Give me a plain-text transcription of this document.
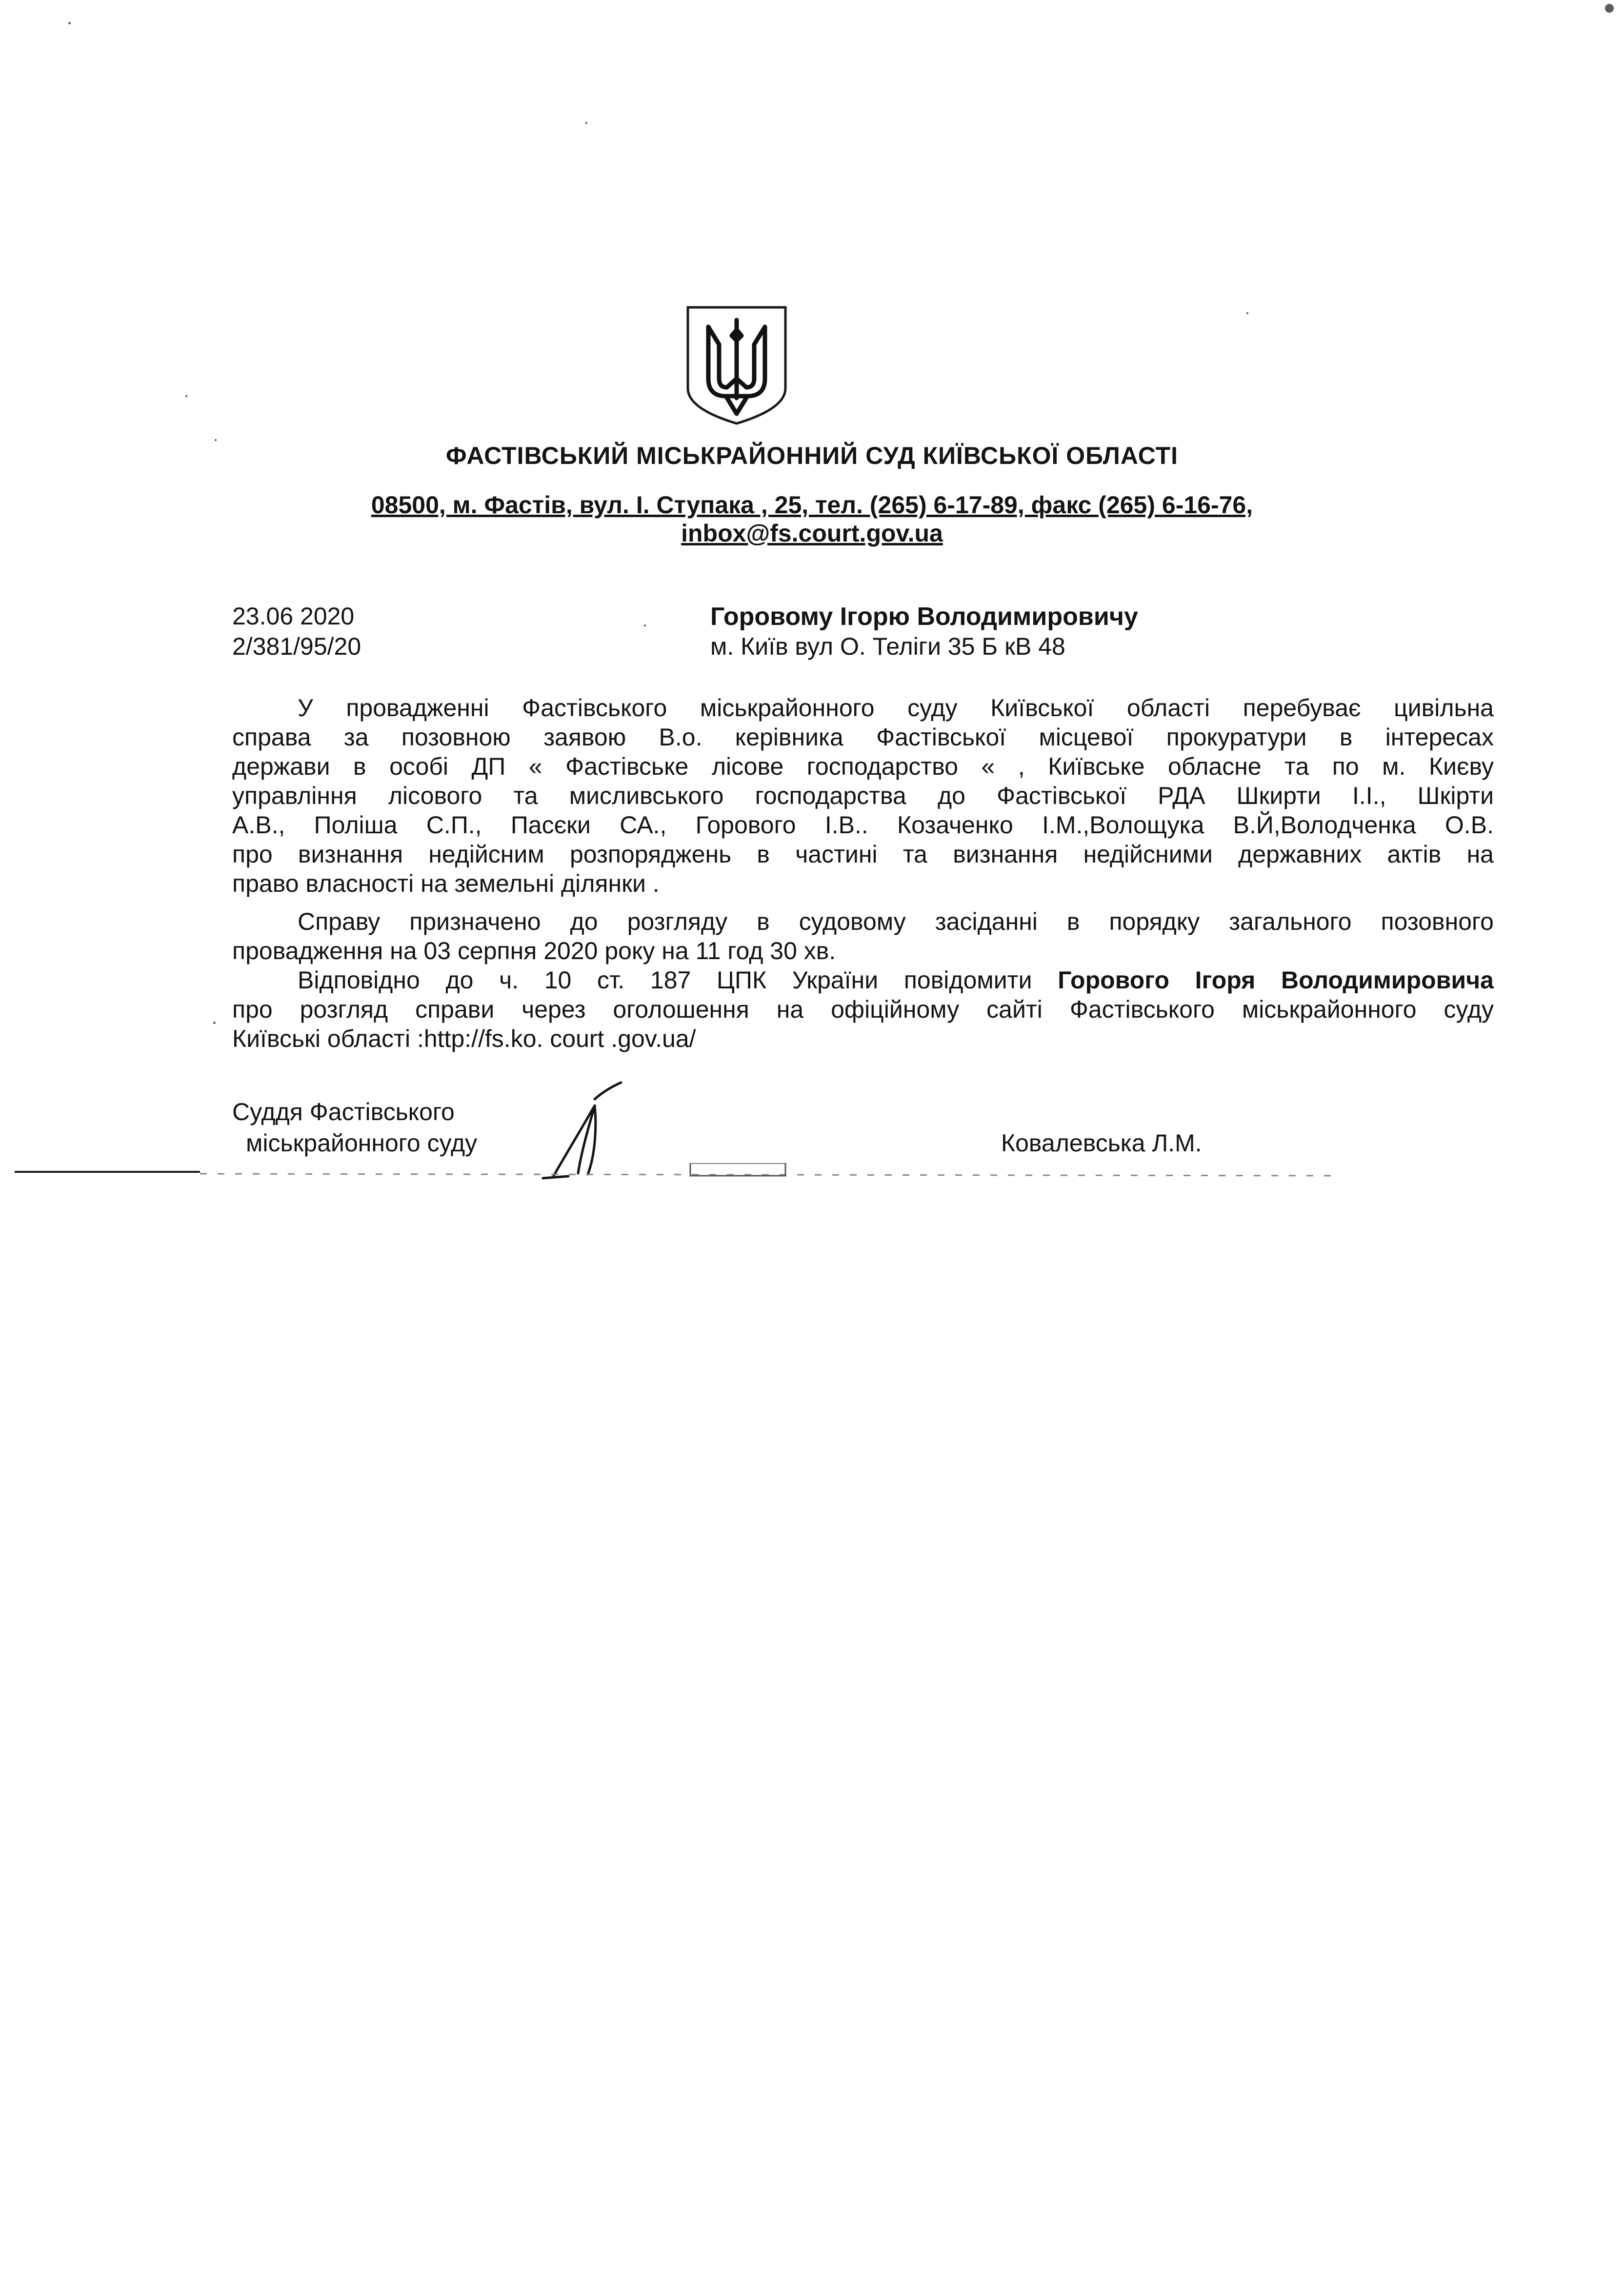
ФАСТІВСЬКИЙ МІСЬКРАЙОННИЙ СУД КИЇВСЬКОЇ ОБЛАСТІ
08500, м. Фастів, вул. І. Ступака , 25, тел. (265) 6-17-89, факс (265) 6-16-76,
inbox@fs.court.gov.ua
23.06 2020
2/381/95/20
Горовому Ігорю Володимировичу
м. Київ вул О. Теліги 35 Б кВ 48
У провадженні Фастівського міськрайонного суду Київської області перебуває цивільна
справа за позовною заявою В.о. керівника Фастівської місцевої прокуратури в інтересах
держави в особі ДП « Фастівське лісове господарство « , Київське обласне та по м. Києву
управління лісового та мисливського господарства до Фастівської РДА Шкирти І.І., Шкірти
А.В., Поліша С.П., Пасєки СА., Горового І.В.. Козаченко І.М.,Волощука В.Й,Володченка О.В.
про визнання недійсним розпоряджень в частині та визнання недійсними державних актів на
право власності на земельні ділянки .
Справу призначено до розгляду в судовому засіданні в порядку загального позовного
провадження на 03 серпня 2020 року на 11 год 30 хв.
Відповідно до ч. 10 ст. 187 ЦПК України повідомити Горового Ігоря Володимировича
про розгляд справи через оголошення на офіційному сайті Фастівського міськрайонного суду
Київські області :http://fs.ko. court .gov.ua/
Суддя Фастівського
міськрайонного суду	Ковалевська Л.М.
